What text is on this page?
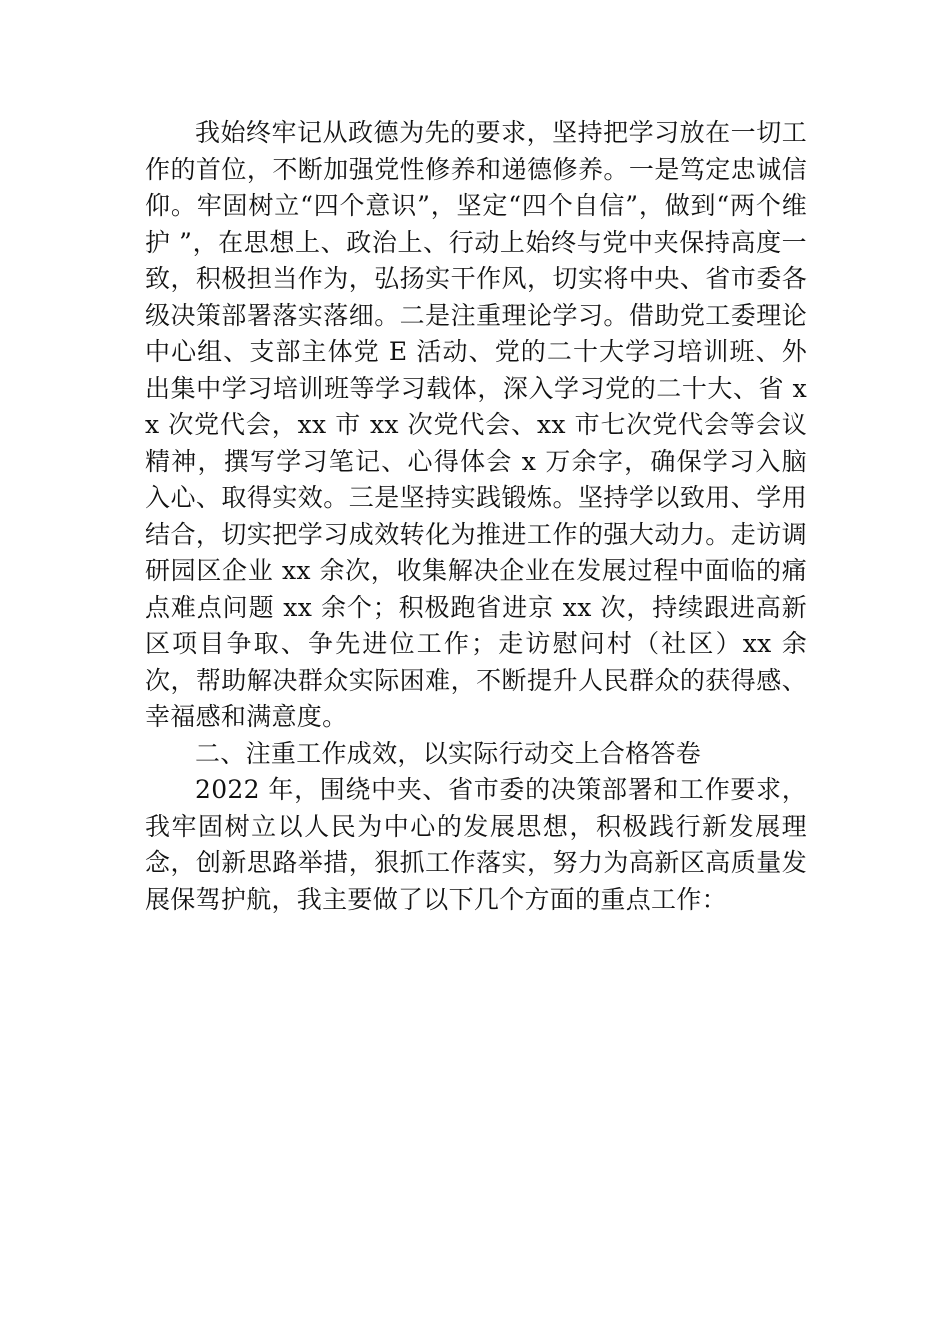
我始终牢记从政德为先的要求，坚持把学习放在一切工作的首位，不断加强党性修养和递德修养。一是笃定忠诚信仰。牢固树立“四个意识”，坚定“四个自信”，做到“两个维护 ”，在思想上、政治上、行动上始终与党中夹保持高度一致，积极担当作为，弘扬实干作风，切实将中央、省市委各级决策部署落实落细。二是注重理论学习。借助党工委理论中心组、支部主体党 E 活动、党的二十大学习培训班、外出集中学习培训班等学习载体，深入学习党的二十大、省 xx 次党代会，xx 市 xx 次党代会、xx 市七次党代会等会议精神，撰写学习笔记、心得体会 x 万余字，确保学习入脑入心、取得实效。三是坚持实践锻炼。坚持学以致用、学用结合，切实把学习成效转化为推进工作的强大动力。走访调研园区企业 xx 余次，收集解决企业在发展过程中面临的痛点难点问题 xx 余个；积极跑省进京 xx 次，持续跟进高新区项目争取、争先进位工作；走访慰问村（社区）xx 余次，帮助解决群众实际困难，不断提升人民群众的获得感、幸福感和满意度。

二、注重工作成效，以实际行动交上合格答卷

2022 年，围绕中夹、省市委的决策部署和工作要求，我牢固树立以人民为中心的发展思想，积极践行新发展理念，创新思路举措，狠抓工作落实，努力为高新区高质量发展保驾护航，我主要做了以下几个方面的重点工作：
